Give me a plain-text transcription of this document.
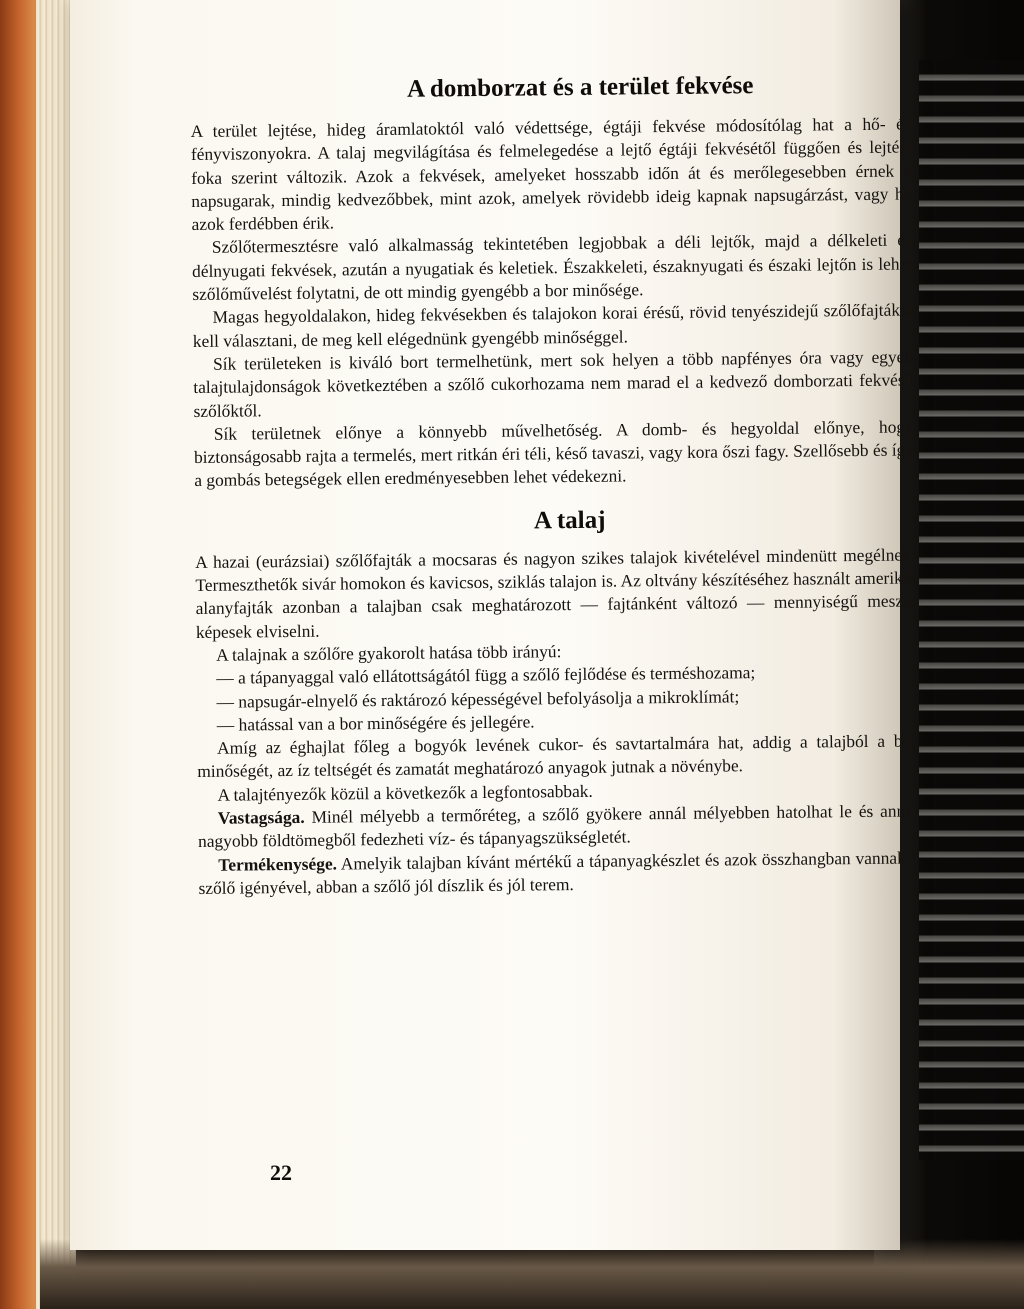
A domborzat és a terület fekvése

A terület lejtése, hideg áramlatoktól való védettsége, égtáji fekvése módosítólag hat a hő- és fényviszonyokra. A talaj megvilágítása és felmelegedése a lejtő égtáji fekvésétől függően és lejtési foka szerint változik. Azok a fekvések, amelyeket hosszabb időn át és merőlegesebben érnek a napsugarak, mindig kedvezőbbek, mint azok, amelyek rövidebb ideig kapnak napsugárzást, vagy ha azok ferdébben érik.

Szőlőtermesztésre való alkalmasság tekintetében legjobbak a déli lejtők, majd a délkeleti és délnyugati fekvések, azután a nyugatiak és keletiek. Északkeleti, északnyugati és északi lejtőn is lehet szőlőművelést folytatni, de ott mindig gyengébb a bor minősége.

Magas hegyoldalakon, hideg fekvésekben és talajokon korai érésű, rövid tenyészidejű szőlőfajtákat kell választani, de meg kell elégednünk gyengébb minőséggel.

Sík területeken is kiváló bort termelhetünk, mert sok helyen a több napfényes óra vagy egyéb talajtulajdonságok következtében a szőlő cukorhozama nem marad el a kedvező domborzati fekvésű szőlőktől.

Sík területnek előnye a könnyebb művelhetőség. A domb- és hegyoldal előnye, hogy biztonságosabb rajta a termelés, mert ritkán éri téli, késő tavaszi, vagy kora őszi fagy. Szellősebb és így a gombás betegségek ellen eredményesebben lehet védekezni.

A talaj

A hazai (eurázsiai) szőlőfajták a mocsaras és nagyon szikes talajok kivételével mindenütt megélnek. Termeszthetők sivár homokon és kavicsos, sziklás talajon is. Az oltvány készítéséhez használt amerikai alanyfajták azonban a talajban csak meghatározott — fajtánként változó — mennyiségű meszet képesek elviselni.

A talajnak a szőlőre gyakorolt hatása több irányú:

— a tápanyaggal való ellátottságától függ a szőlő fejlődése és terméshozama;

— napsugár-elnyelő és raktározó képességével befolyásolja a mikroklímát;

— hatással van a bor minőségére és jellegére.

Amíg az éghajlat főleg a bogyók levének cukor- és savtartalmára hat, addig a talajból a bor minőségét, az íz teltségét és zamatát meghatározó anyagok jutnak a növénybe.

A talajtényezők közül a következők a legfontosabbak.

Vastagsága. Minél mélyebb a termőréteg, a szőlő gyökere annál mélyebben hatolhat le és annál nagyobb földtömegből fedezheti víz- és tápanyagszükségletét.

Termékenysége. Amelyik talajban kívánt mértékű a tápanyagkészlet és azok összhangban vannak a szőlő igényével, abban a szőlő jól díszlik és jól terem.

22
